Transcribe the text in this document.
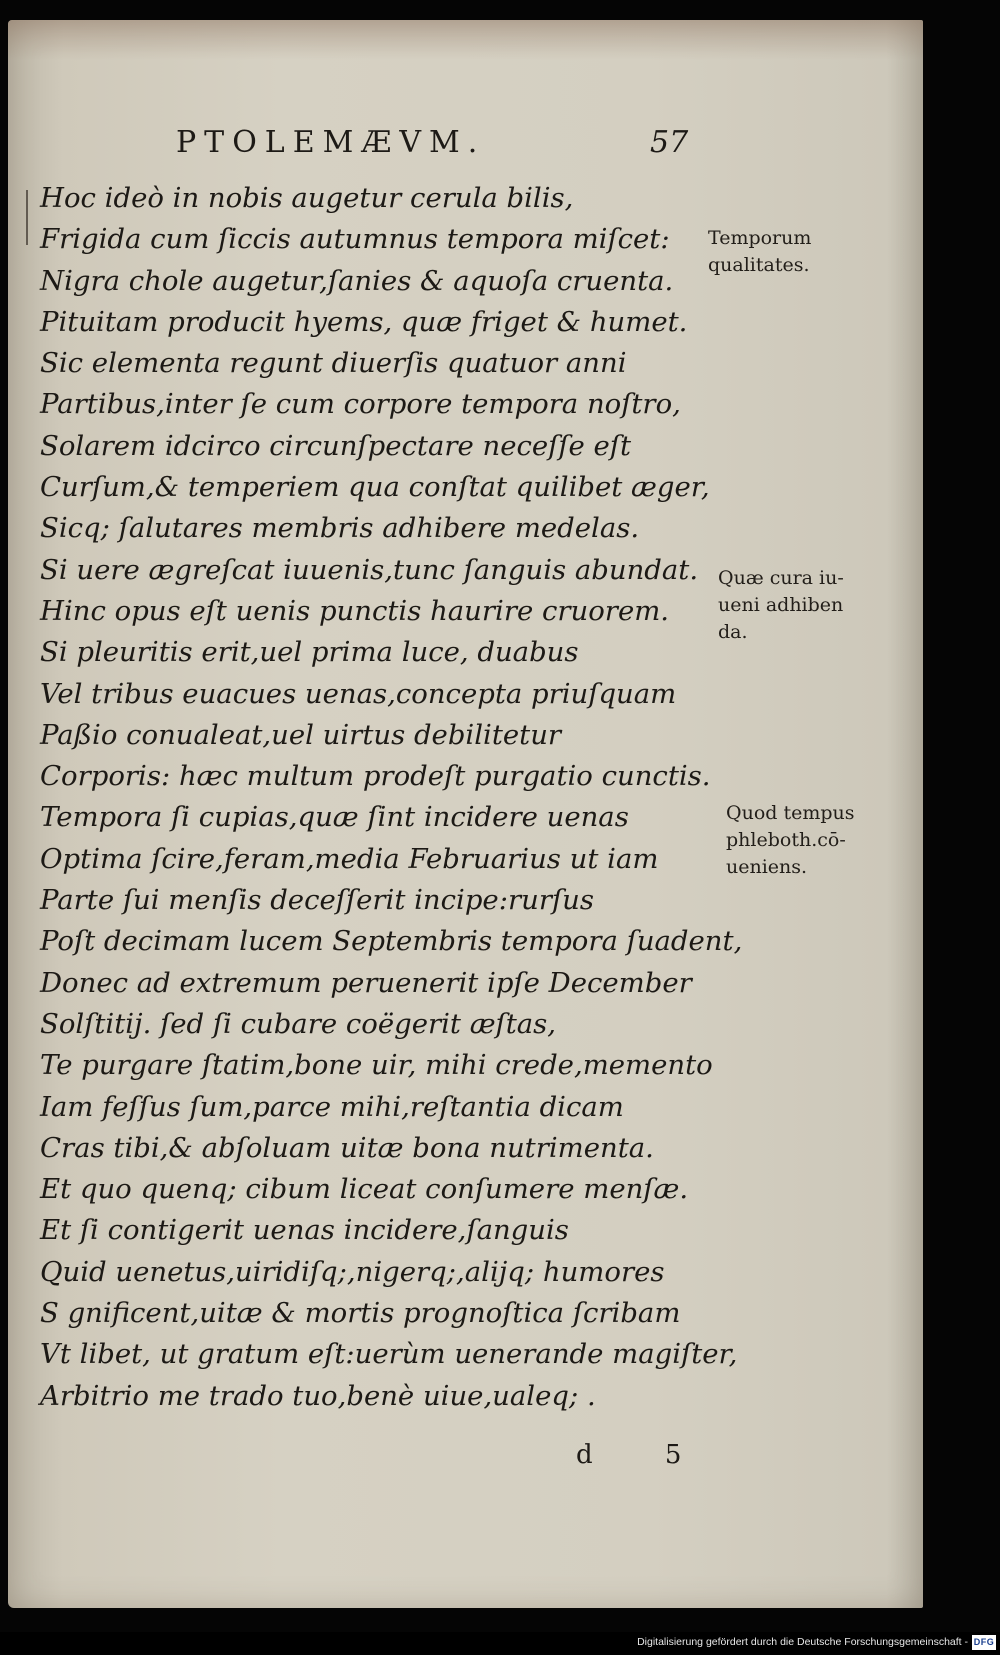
PTOLEMÆVM.	57
Hoc ideò in nobis augetur cerula bilis,
Frigida cum ſiccis autumnus tempora miſcet:
Nigra chole augetur,ſanies & aquoſa cruenta.
Pituitam producit hyems, quæ friget & humet.
Sic elementa regunt diuerſis quatuor anni
Partibus,inter ſe cum corpore tempora noſtro,
Solarem idcirco circunſpectare neceſſe eſt
Curſum,& temperiem qua conſtat quilibet æger,
Sicq; ſalutares membris adhibere medelas.
Si uere ægreſcat iuuenis,tunc ſanguis abundat.
Hinc opus eſt uenis punctis haurire cruorem.
Si pleuritis erit,uel prima luce, duabus
Vel tribus euacues uenas,concepta priuſquam
Paßio conualeat,uel uirtus debilitetur
Corporis: hæc multum prodeſt purgatio cunctis.
Tempora ſi cupias,quæ ſint incidere uenas
Optima ſcire,feram,media Februarius ut iam
Parte ſui menſis deceſſerit incipe:rurſus
Poſt decimam lucem Septembris tempora ſuadent,
Donec ad extremum peruenerit ipſe December
Solſtitij. ſed ſi cubare coëgerit æſtas,
Te purgare ſtatim,bone uir, mihi crede,memento
Iam feſſus ſum,parce mihi,reſtantia dicam
Cras tibi,& abſoluam uitæ bona nutrimenta.
Et quo quenq; cibum liceat conſumere menſæ.
Et ſi contigerit uenas incidere,ſanguis
Quid uenetus,uiridiſq;,nigerq;,alijq; humores
S gnificent,uitæ & mortis prognoſtica ſcribam
Vt libet, ut gratum eſt:uerùm uenerande magiſter,
Arbitrio me trado tuo,benè uiue,ualeq; .
Temporum
qualitates.
Quæ cura iu-
ueni adhiben
da.
Quod tempus
phleboth.cō-
ueniens.
d 5
Digitalisierung gefördert durch die Deutsche Forschungsgemeinschaft - DFG
